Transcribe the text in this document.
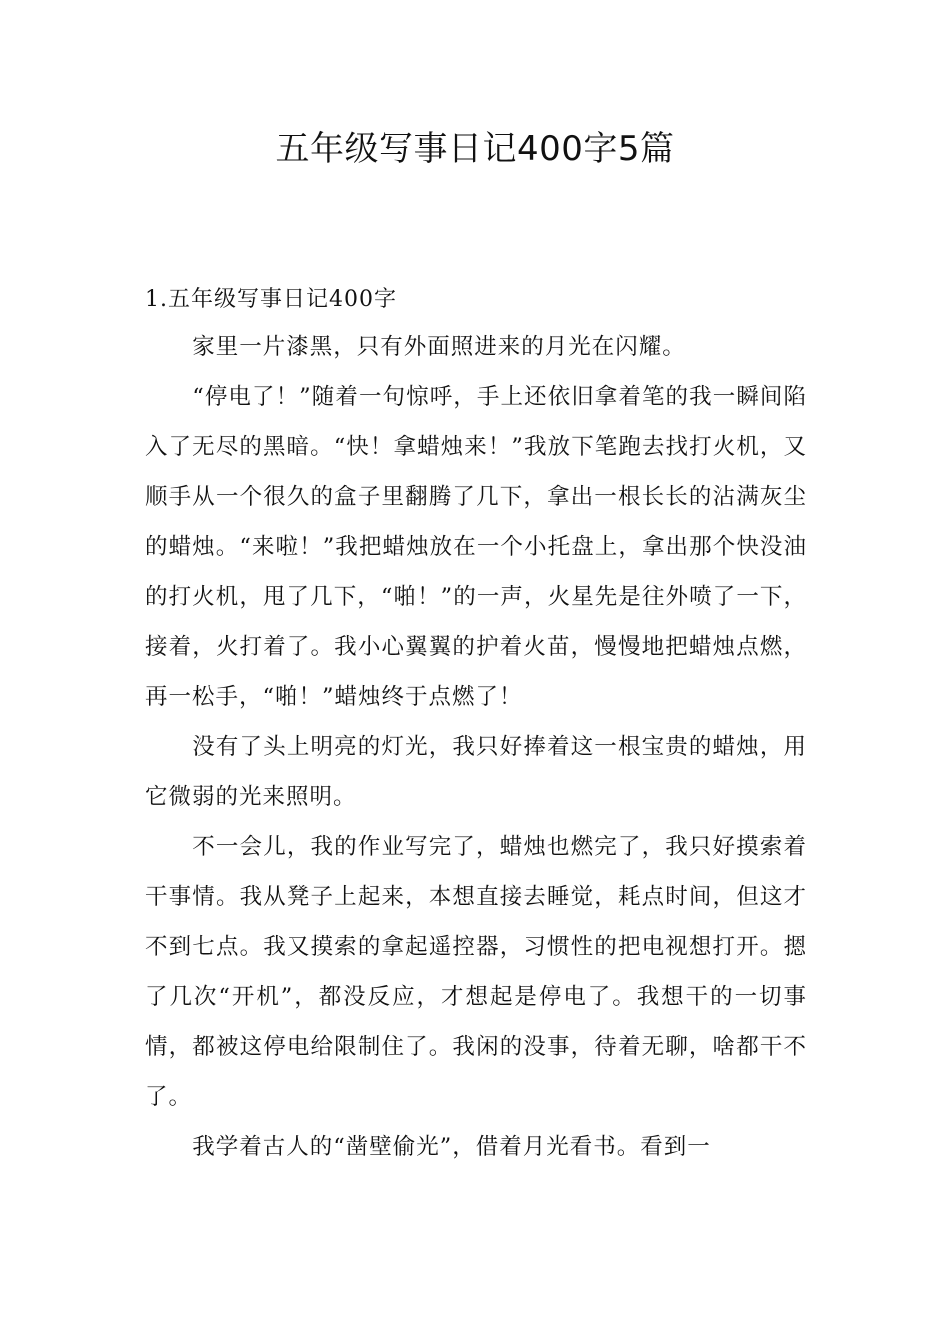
五年级写事日记400字5篇
1.五年级写事日记400字

家里一片漆黑，只有外面照进来的月光在闪耀。

“停电了！”随着一句惊呼，手上还依旧拿着笔的我一瞬间陷入了无尽的黑暗。“快！拿蜡烛来！”我放下笔跑去找打火机，又顺手从一个很久的盒子里翻腾了几下，拿出一根长长的沾满灰尘的蜡烛。“来啦！”我把蜡烛放在一个小托盘上，拿出那个快没油的打火机，甩了几下，“啪！”的一声，火星先是往外喷了一下，接着，火打着了。我小心翼翼的护着火苗，慢慢地把蜡烛点燃，再一松手，“啪！”蜡烛终于点燃了！

没有了头上明亮的灯光，我只好捧着这一根宝贵的蜡烛，用它微弱的光来照明。

不一会儿，我的作业写完了，蜡烛也燃完了，我只好摸索着干事情。我从凳子上起来，本想直接去睡觉，耗点时间，但这才不到七点。我又摸索的拿起遥控器，习惯性的把电视想打开。摁了几次“开机”，都没反应，才想起是停电了。我想干的一切事情，都被这停电给限制住了。我闲的没事，待着无聊，啥都干不了。

我学着古人的“凿壁偷光”，借着月光看书。看到一
